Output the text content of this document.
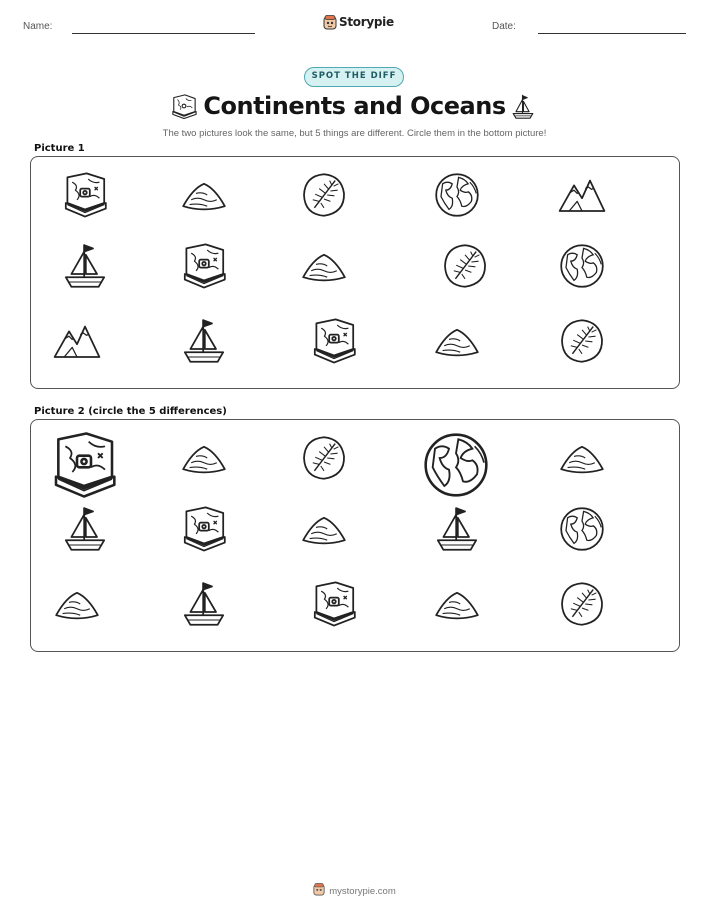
Name:	Storypie	Date:
SPOT THE DIFF
Continents and Oceans
The two pictures look the same, but 5 things are different. Circle them in the bottom picture!
Picture 1
Picture 2 (circle the 5 differences)
mystorypie.com
